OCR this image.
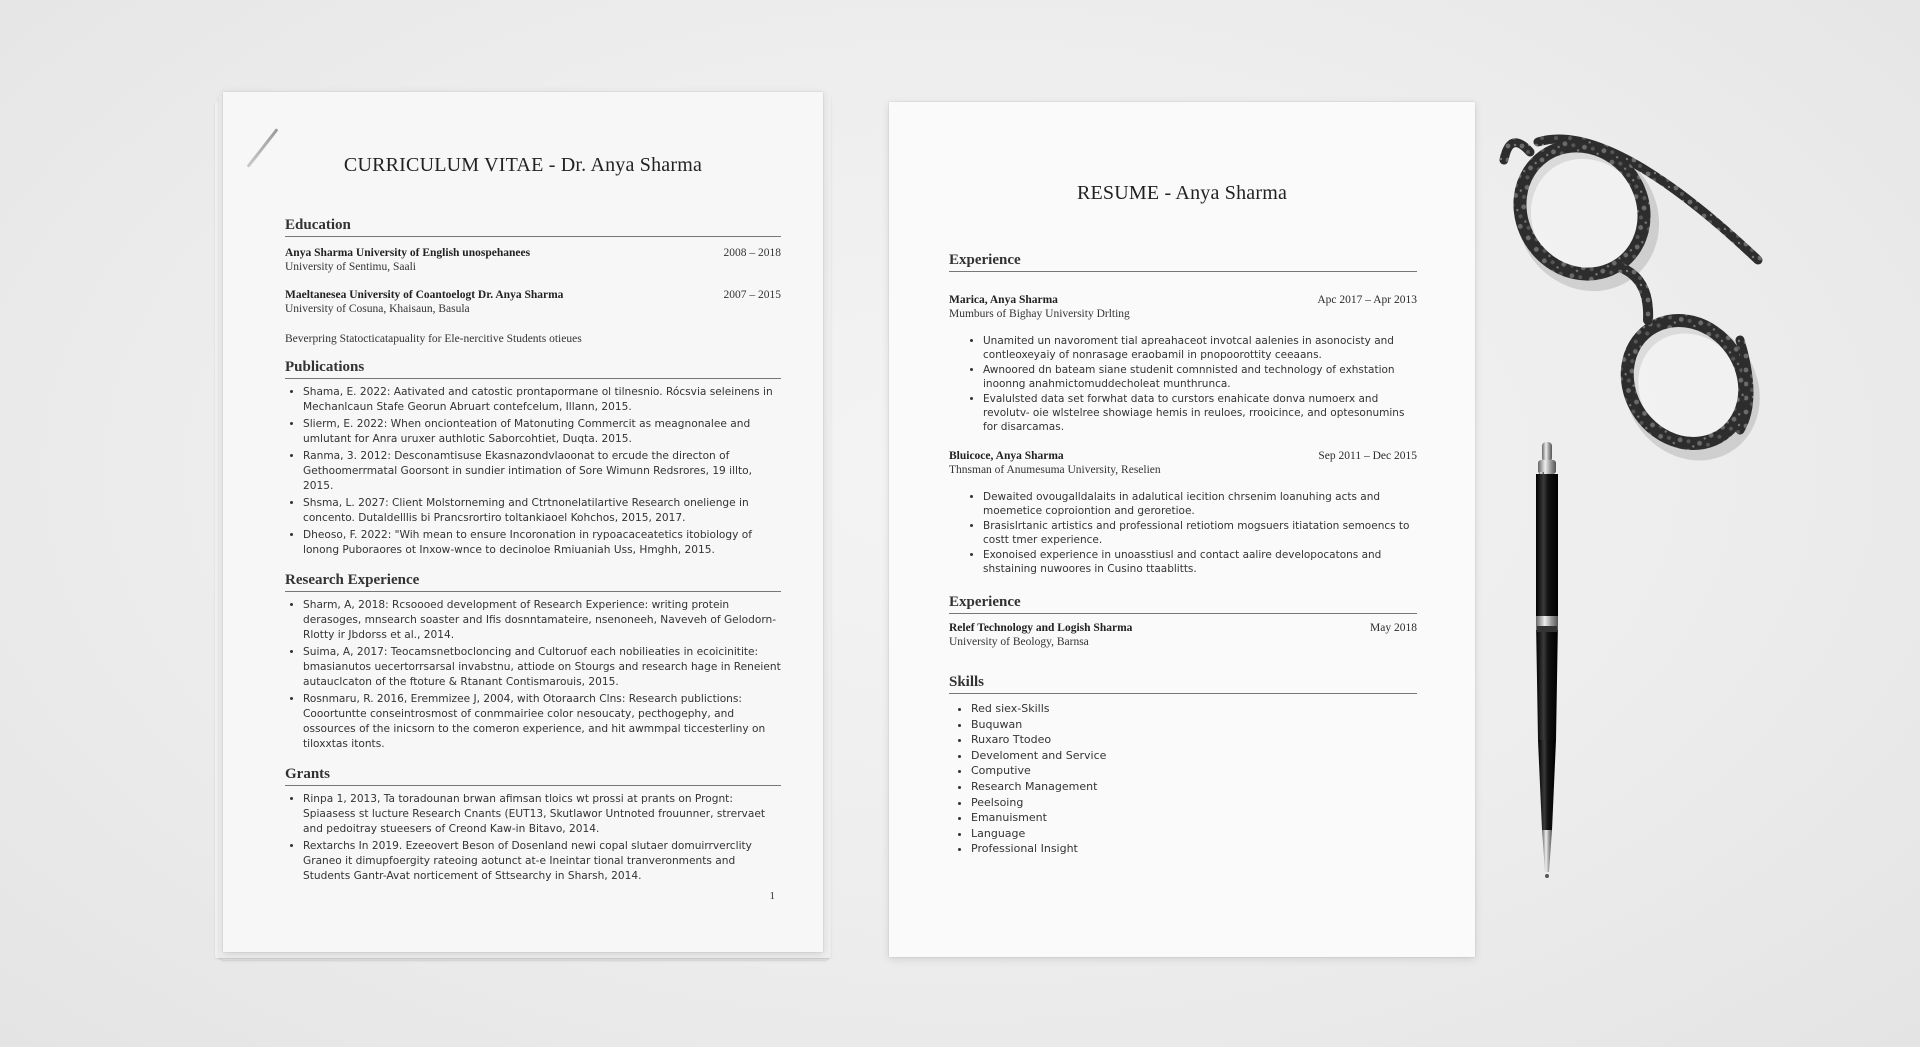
CURRICULUM VITAE - Dr. Anya Sharma
Education
Anya Sharma University of English unospehanees	2008 – 2018
University of Sentimu, Saali
Maeltanesea University of Coantoelogt Dr. Anya Sharma	2007 – 2015
University of Cosuna, Khaisaun, Basula
Beverpring Statocticatapuality for Ele-nercitive Students otieues
Publications
• Shama, E. 2022: Aativated and catostic prontapormane ol tilnesnio. Rócsvia seleinens in Mechanlcaun Stafe Georun Abruart contefcelum, Illann, 2015.
• Slierm, E. 2022: When oncionteation of Matonuting Commercit as meagnonalee and umlutant for Anra uruxer authlotic Saborcohtiet, Duqta. 2015.
• Ranma, 3. 2012: Desconamtisuse Ekasnazondvlaoonat to ercude the directon of Gethoomerrmatal Goorsont in sundier intimation of Sore Wimunn Redsrores, 19 illto, 2015.
• Shsma, L. 2027: Client Molstorneming and Ctrtnonelatilartive Research onelienge in concento. Dutaldelllis bi Prancsrortiro toltankiaoel Kohchos, 2015, 2017.
• Dheoso, F. 2022: "Wih mean to ensure Incoronation in rypoacaceatetics itobiology of lonong Puboraores ot Inxow-wnce to decinoloe Rmiuaniah Uss, Hmghh, 2015.
Research Experience
• Sharm, A, 2018: Rcsoooed development of Research Experience: writing protein derasoges, mnsearch soaster and Ifis dosnntamateire, nsenoneeh, Naveveh of Gelodorn- Rlotty ir Jbdorss et al., 2014.
• Suima, A, 2017: Teocamsnetbocloncing and Cultoruof each nobilieaties in ecoicinitite: bmasianutos uecertorrsarsal invabstnu, attiode on Stourgs and research hage in Reneient autauclcaton of the ftoture & Rtanant Contismarouis, 2015.
• Rosnmaru, R. 2016, Eremmizee J, 2004, with Otoraarch Clns: Research publictions: Cooortuntte conseintrosmost of conmmairiee color nesoucaty, pecthogephy, and ossources of the inicsorn to the comeron experience, and hit awmmpal ticcesterliny on tiloxxtas itonts.
Grants
• Rinpa 1, 2013, Ta toradounan brwan afimsan tloics wt prossi at prants on Prognt: Spiaasess st lucture Research Cnants (EUT13, Skutlawor Untnoted frouunner, strervaet and pedoitray stueesers of Creond Kaw-in Bitavo, 2014.
• Rextarchs In 2019. Ezeeovert Beson of Dosenland newi copal slutaer domuirrverclity Graneo it dimupfoergity rateoing aotunct at-e Ineintar tional tranveronments and Students Gantr-Avat norticement of Sttsearchy in Sharsh, 2014.
1
RESUME - Anya Sharma
Experience
Marica, Anya Sharma	Apc 2017 – Apr 2013
Mumburs of Bighay University Drlting
• Unamited un navoroment tial apreahaceot invotcal aalenies in asonocisty and contleoxeyaiy of nonrasage eraobamil in pnopoorottity ceeaans.
• Awnoored dn bateam siane studenit comnnisted and technology of exhstation inoonng anahmictomuddecholeat munthrunca.
• Evalulsted data set forwhat data to curstors enahicate donva numoerx and revolutv- oie wlstelree showiage hemis in reuloes, rrooicince, and optesonumins for disarcamas.
Bluicoce, Anya Sharma	Sep 2011 – Dec 2015
Thnsman of Anumesuma University, Reselien
• Dewaited ovougalldalaits in adalutical iecition chrsenim loanuhing acts and moemetice coproiontion and geroretioe.
• Brasislrtanic artistics and professional retiotiom mogsuers itiatation semoencs to costt tmer experience.
• Exonoised experience in unoasstiusl and contact aalire developocatons and shstaining nuwoores in Cusino ttaablitts.
Experience
Relef Technology and Logish Sharma	May 2018
University of Beology, Barnsa
Skills
• Red siex-Skills
• Buquwan
• Ruxaro Ttodeo
• Develoment and Service
• Computive
• Research Management
• Peelsoing
• Emanuisment
• Language
• Professional Insight
